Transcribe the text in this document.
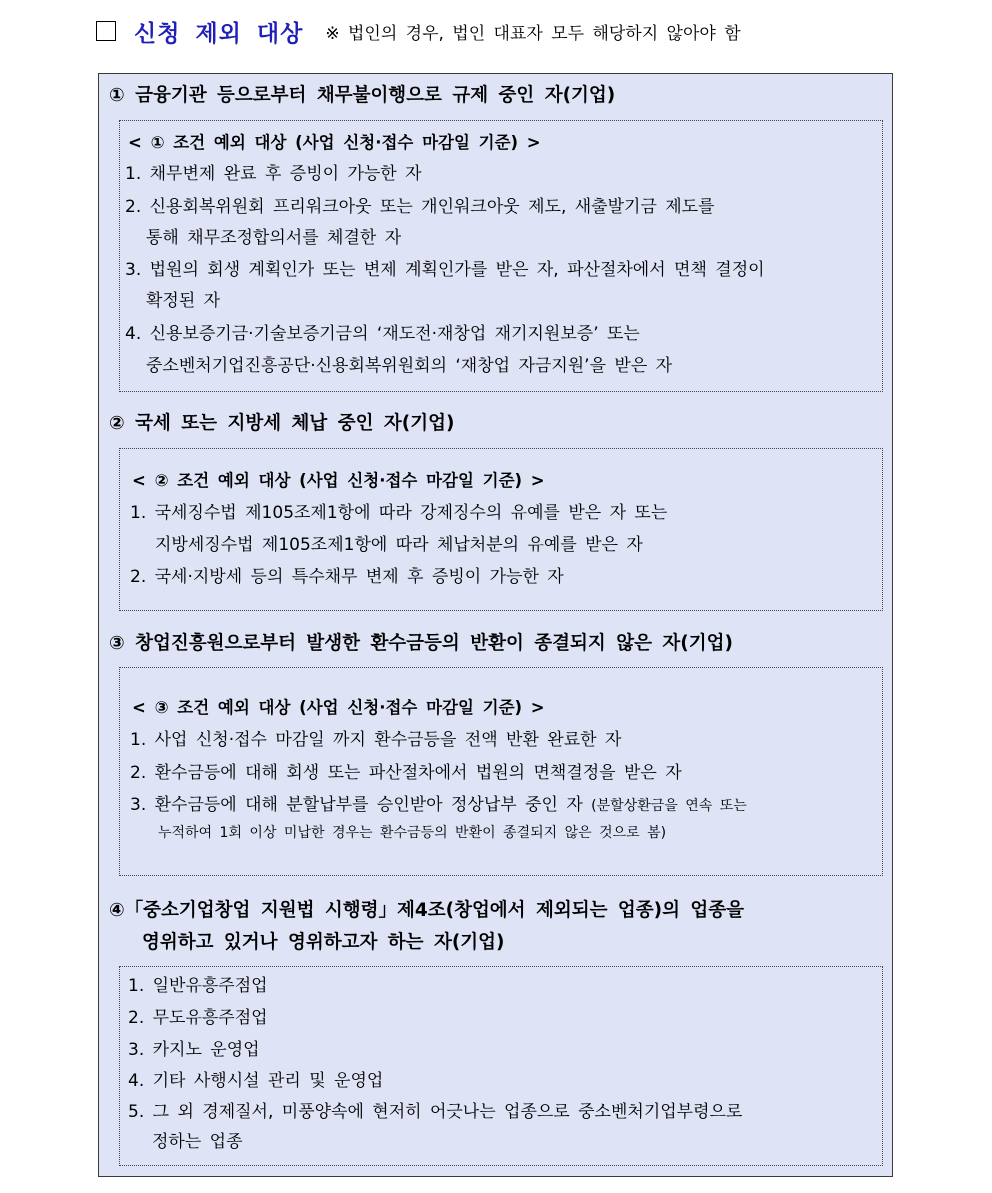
신청 제외 대상 ※ 법인의 경우, 법인 대표자 모두 해당하지 않아야 함
① 금융기관 등으로부터 채무불이행으로 규제 중인 자(기업)
< ① 조건 예외 대상 (사업 신청·접수 마감일 기준) >
1. 채무변제 완료 후 증빙이 가능한 자
2. 신용회복위원회 프리워크아웃 또는 개인워크아웃 제도, 새출발기금 제도를
통해 채무조정합의서를 체결한 자
3. 법원의 회생 계획인가 또는 변제 계획인가를 받은 자, 파산절차에서 면책 결정이
확정된 자
4. 신용보증기금·기술보증기금의 ‘재도전·재창업 재기지원보증’ 또는
중소벤처기업진흥공단·신용회복위원회의 ‘재창업 자금지원’을 받은 자
② 국세 또는 지방세 체납 중인 자(기업)
< ② 조건 예외 대상 (사업 신청·접수 마감일 기준) >
1. 국세징수법 제105조제1항에 따라 강제징수의 유예를 받은 자 또는
지방세징수법 제105조제1항에 따라 체납처분의 유예를 받은 자
2. 국세·지방세 등의 특수채무 변제 후 증빙이 가능한 자
③ 창업진흥원으로부터 발생한 환수금등의 반환이 종결되지 않은 자(기업)
< ③ 조건 예외 대상 (사업 신청·접수 마감일 기준) >
1. 사업 신청·접수 마감일 까지 환수금등을 전액 반환 완료한 자
2. 환수금등에 대해 회생 또는 파산절차에서 법원의 면책결정을 받은 자
3. 환수금등에 대해 분할납부를 승인받아 정상납부 중인 자 (분할상환금을 연속 또는
누적하여 1회 이상 미납한 경우는 환수금등의 반환이 종결되지 않은 것으로 봄)
④「중소기업창업 지원법 시행령」제4조(창업에서 제외되는 업종)의 업종을
영위하고 있거나 영위하고자 하는 자(기업)
1. 일반유흥주점업
2. 무도유흥주점업
3. 카지노 운영업
4. 기타 사행시설 관리 및 운영업
5. 그 외 경제질서, 미풍양속에 현저히 어긋나는 업종으로 중소벤처기업부령으로
정하는 업종
